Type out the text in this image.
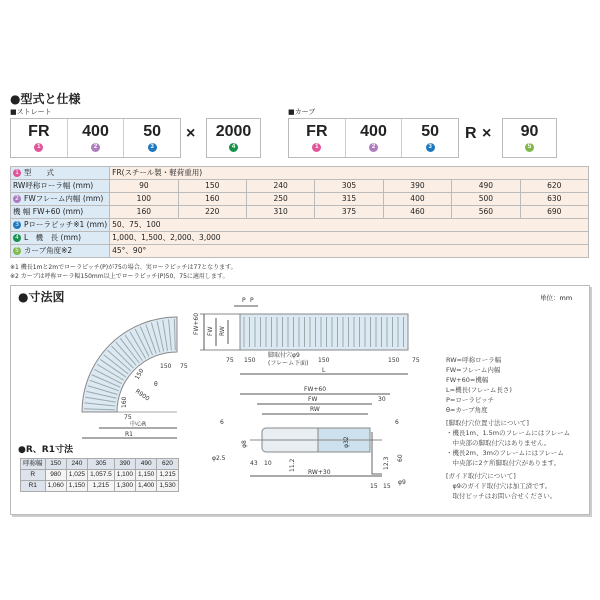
●型式と仕様
■ストレート	■カーブ
FR
1
400
2
50
3
×	2000
4
FR
1
400
2
50
3
R ×	90
5
1 型　　式	FR(スチール製・軽荷重用)						
RW呼称ローラ幅 (mm)	90	150	240	305	390	490	620
2 FWフレーム内幅 (mm)	100	160	250	315	400	500	630
機 幅 FW+60 (mm)	160	220	310	375	460	560	690
3 Pローラピッチ※1 (mm)	50、75、100						
4 L　機　長 (mm)	1,000、1,500、2,000、3,000						
5 カーブ角度※2	45°、90°						
※1 機長1mと2mでローラピッチ(P)が75の場合、実ローラピッチは77となります。
※2 カーブは呼称ローラ幅150mm以上でローラピッチ(P)50、75に適用します。
●寸法図	単位：mm
FW+60 FW RW
P P
75 150	150	150 75
脚取付穴φ9
(フレーム下面)
L
R1
中心R
R900
θ
150 75
150
160
75
FW+60
FW
RW
30
6	6
φ8	φ32
φ2.5
43 10	11.2
RW+30
60
12.3
15 15
φ9
RW=呼称ローラ幅
FW=フレーム内幅
FW+60=機幅
L=機長(フレーム長さ)
P=ローラピッチ
θ=カーブ角度
[脚取付穴位置寸法について]
・機長1m、1.5mのフレームにはフレーム
　中央部の脚取付穴はありません。
・機長2m、3mのフレームにはフレーム
　中央部に2ケ所脚取付穴があります。
[ガイド取付穴について]
　φ9のガイド取付穴は加工済です。
　取付ピッチはお問い合せください。
●R、R1寸法
呼称幅	150	240	305	390	490	620
R	980	1,025	1,057.5	1,100	1,150	1,215
R1	1,060	1,150	1,215	1,300	1,400	1,530
